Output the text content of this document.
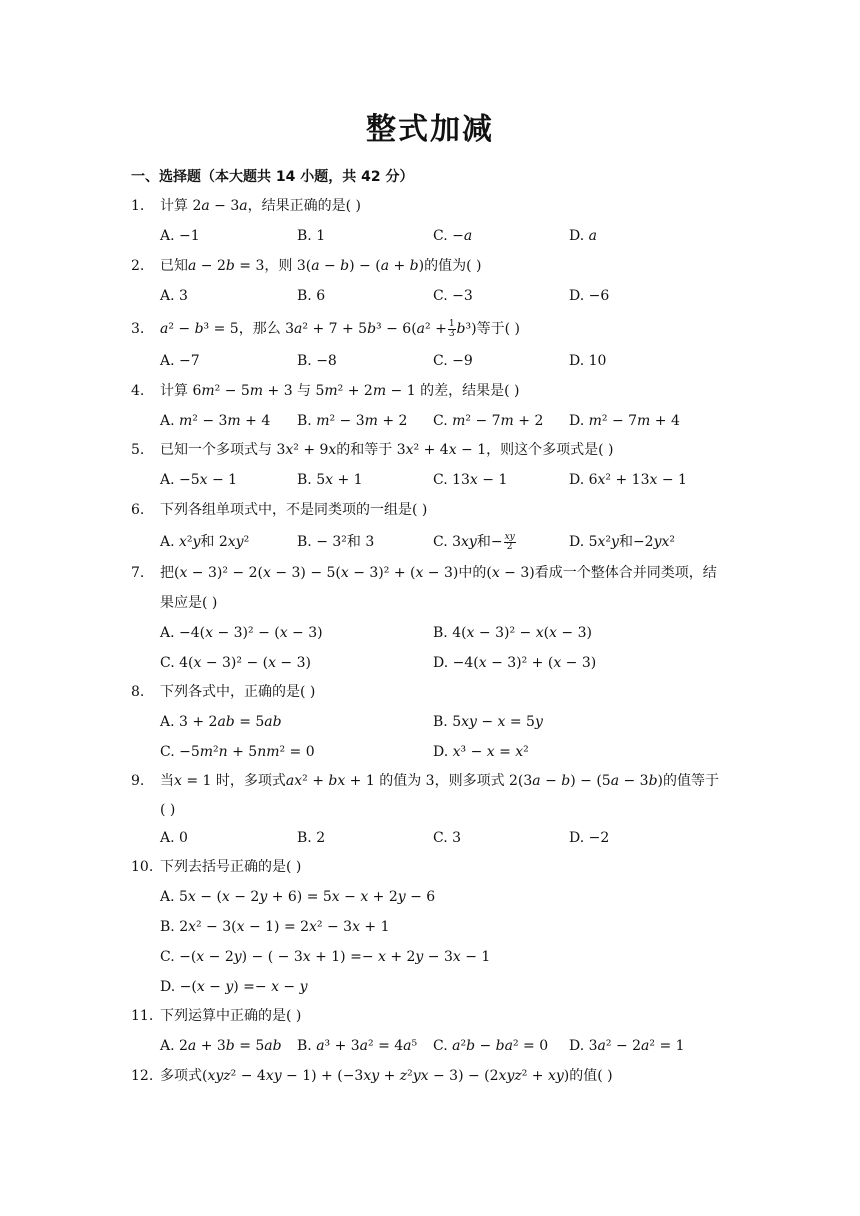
整式加减
一、选择题（本大题共 14 小题，共 42 分）
1. 计算 2𝑎 − 3𝑎，结果正确的是( )
A. −1	B. 1	C. −𝑎	D. 𝑎
2. 已知𝑎 − 2𝑏 = 3，则 3(𝑎 − 𝑏) − (𝑎 + 𝑏)的值为( )
A. 3	B. 6	C. −3	D. −6
3. 𝑎² − 𝑏³ = 5，那么 3𝑎² + 7 + 5𝑏³ − 6(𝑎² + $\frac{1}{3}$ 𝑏³)等于( )
A. −7	B. −8	C. −9	D. 10
4. 计算 6𝑚² − 5𝑚 + 3 与 5𝑚² + 2𝑚 − 1 的差，结果是( )
A. 𝑚² − 3𝑚 + 4 B. 𝑚² − 3𝑚 + 2 C. 𝑚² − 7𝑚 + 2 D. 𝑚² − 7𝑚 + 4
5. 已知一个多项式与 3𝑥² + 9𝑥的和等于 3𝑥² + 4𝑥 − 1，则这个多项式是( )
A. −5𝑥 − 1	B. 5𝑥 + 1	C. 13𝑥 − 1	D. 6𝑥² + 13𝑥 − 1
6. 下列各组单项式中，不是同类项的一组是( )
A. 𝑥²𝑦和 2𝑥𝑦²	B. − 3²和 3	C. 3𝑥𝑦和− $\frac{\text{𝑥𝑦}}{2}$	D. 5𝑥²𝑦和−2𝑦𝑥²
7. 把(𝑥 − 3)² − 2(𝑥 − 3) − 5(𝑥 − 3)² + (𝑥 − 3)中的(𝑥 − 3)看成一个整体合并同类项，结
果应是( )
A. −4(𝑥 − 3)² − (𝑥 − 3)	B. 4(𝑥 − 3)² − 𝑥(𝑥 − 3)
C. 4(𝑥 − 3)² − (𝑥 − 3)	D. −4(𝑥 − 3)² + (𝑥 − 3)
8. 下列各式中，正确的是( )
A. 3 + 2𝑎𝑏 = 5𝑎𝑏	B. 5𝑥𝑦 − 𝑥 = 5𝑦
C. −5𝑚²𝑛 + 5𝑛𝑚² = 0	D. 𝑥³ − 𝑥 = 𝑥²
9. 当𝑥 = 1 时，多项式𝑎𝑥² + 𝑏𝑥 + 1 的值为 3，则多项式 2(3𝑎 − 𝑏) − (5𝑎 − 3𝑏)的值等于
( )
A. 0	B. 2	C. 3	D. −2
10. 下列去括号正确的是( )
A. 5𝑥 − (𝑥 − 2𝑦 + 6) = 5𝑥 − 𝑥 + 2𝑦 − 6
B. 2𝑥² − 3(𝑥 − 1) = 2𝑥² − 3𝑥 + 1
C. −(𝑥 − 2𝑦) − ( − 3𝑥 + 1) =− 𝑥 + 2𝑦 − 3𝑥 − 1
D. −(𝑥 − 𝑦) =− 𝑥 − 𝑦
11. 下列运算中正确的是( )
A. 2𝑎 + 3𝑏 = 5𝑎𝑏 B. 𝑎³ + 3𝑎² = 4𝑎⁵ C. 𝑎²𝑏 − 𝑏𝑎² = 0 D. 3𝑎² − 2𝑎² = 1
12. 多项式(𝑥𝑦𝑧² − 4𝑥𝑦 − 1) + (−3𝑥𝑦 + 𝑧²𝑦𝑥 − 3) − (2𝑥𝑦𝑧² + 𝑥𝑦)的值( )
